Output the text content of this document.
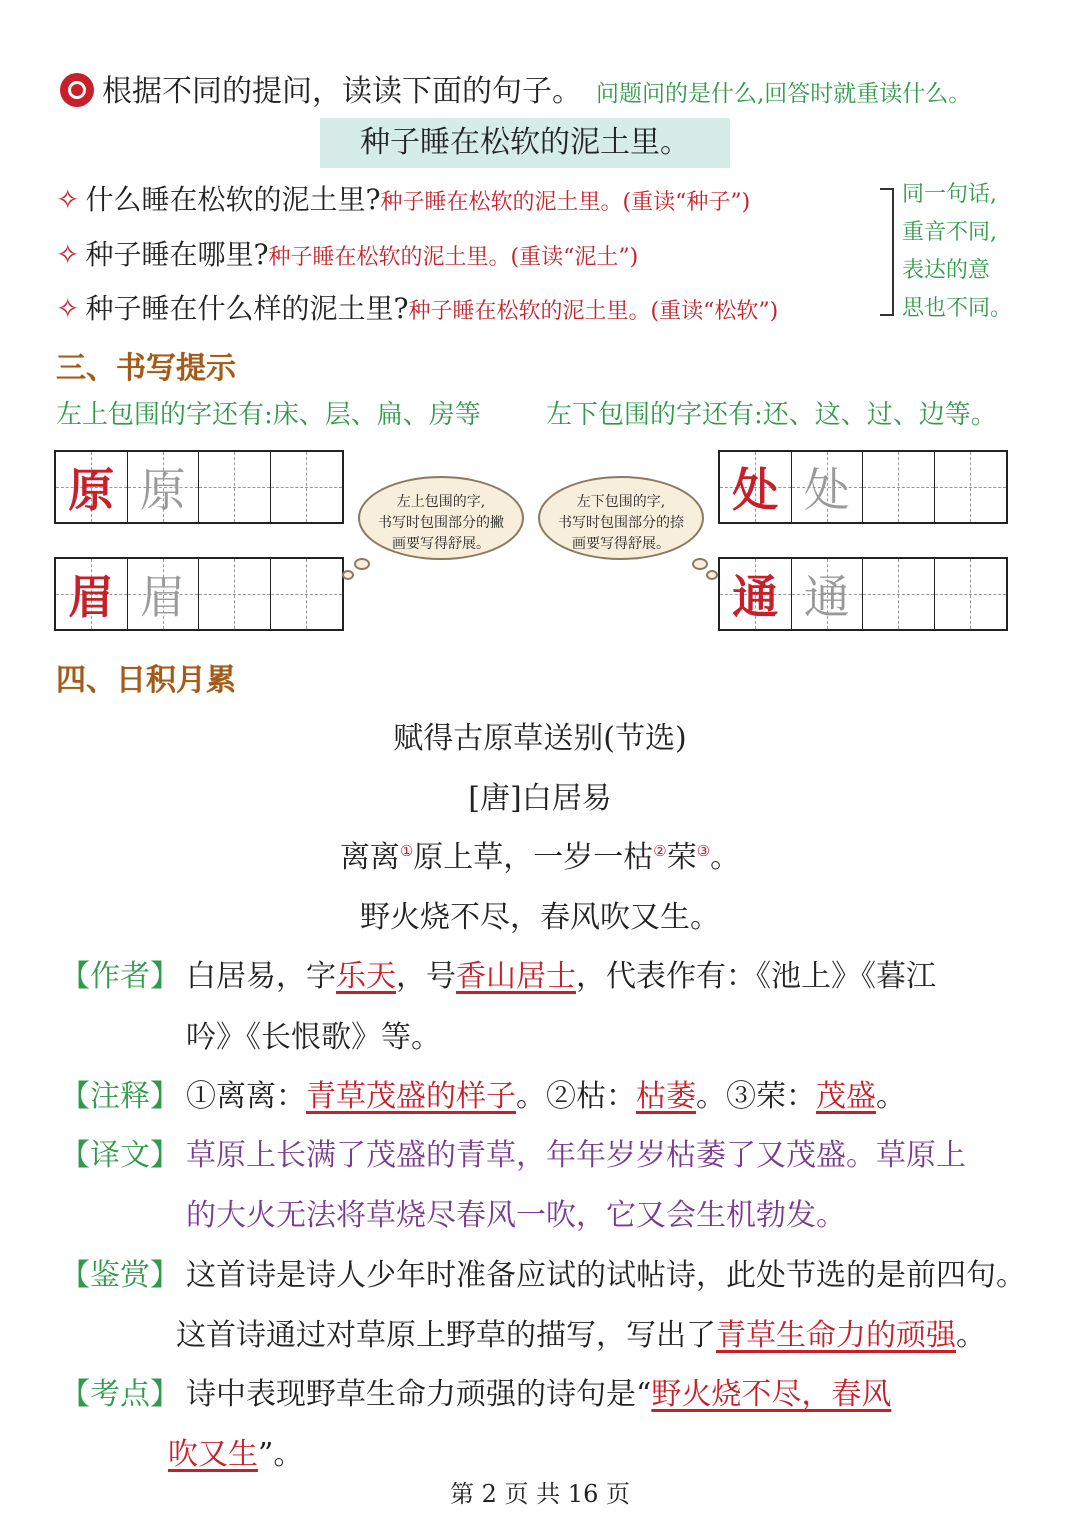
根据不同的提问，读读下面的句子。 问题问的是什么,回答时就重读什么。
种子睡在松软的泥土里。
✧ 什么睡在松软的泥土里?种子睡在松软的泥土里。(重读“种子”)
✧ 种子睡在哪里?种子睡在松软的泥土里。(重读“泥土”)
✧ 种子睡在什么样的泥土里?种子睡在松软的泥土里。(重读“松软”)
同一句话,
重音不同,
表达的意
思也不同。
三、书写提示
左上包围的字还有:床、层、扁、房等	左下包围的字还有:还、这、过、边等。
原 原
眉 眉
处 处
通 通
左上包围的字,
书写时包围部分的撇
画要写得舒展。
左下包围的字,
书写时包围部分的捺
画要写得舒展。
四、日积月累
赋得古原草送别(节选)
[唐]白居易
离离①原上草，一岁一枯②荣③。
野火烧不尽，春风吹又生。
【作者】 白居易，字乐天，号香山居士，代表作有：《池上》《暮江
吟》《长恨歌》等。
【注释】 ①离离：青草茂盛的样子。②枯：枯萎。③荣：茂盛。
【译文】 草原上长满了茂盛的青草，年年岁岁枯萎了又茂盛。草原上
的大火无法将草烧尽春风一吹，它又会生机勃发。
【鉴赏】 这首诗是诗人少年时准备应试的试帖诗，此处节选的是前四句。
这首诗通过对草原上野草的描写，写出了青草生命力的顽强。
【考点】 诗中表现野草生命力顽强的诗句是“野火烧不尽，春风
吹又生”。
第 2 页 共 16 页
